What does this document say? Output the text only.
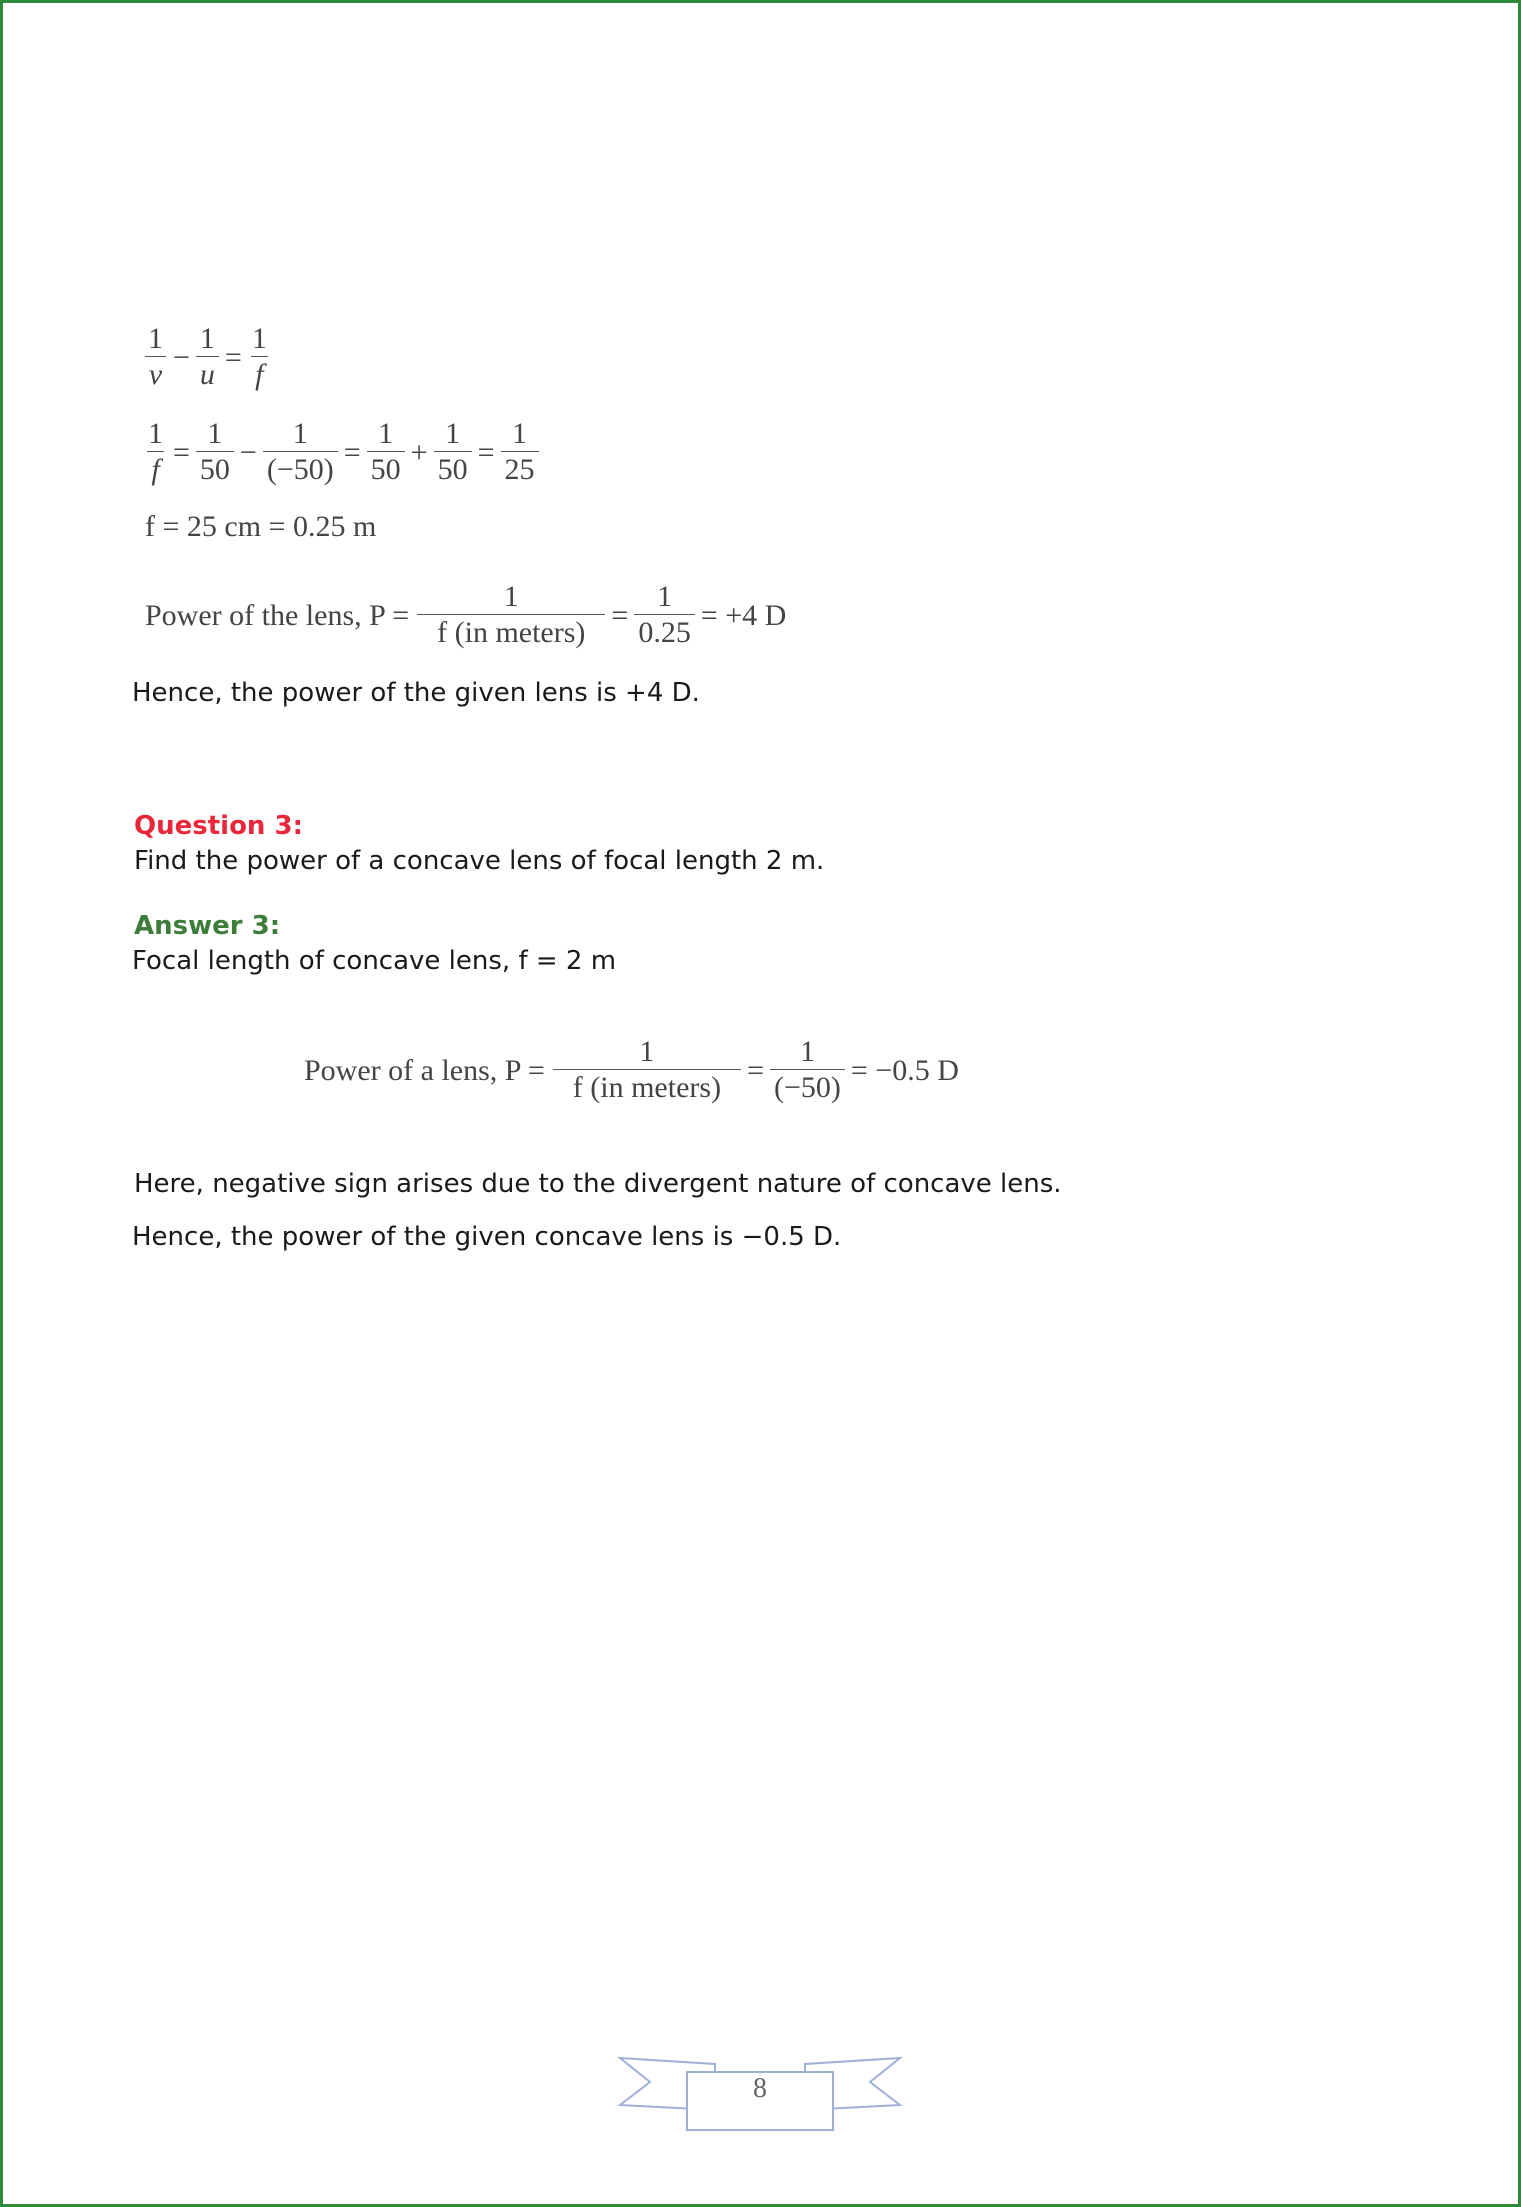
$\frac{1}{v} - \frac{1}{u} = \frac{1}{f}$
$\frac{1}{f} = \frac{1}{50} - \frac{1}{(-50)} = \frac{1}{50} + \frac{1}{50} = \frac{1}{25}$
f = 25 cm = 0.25 m
Power of the lens, P =
1
f (in meters)
= $\frac{1}{0.25} = +4$ D
Hence, the power of the given lens is +4 D.
Question 3:
Find the power of a concave lens of focal length 2 m.
Answer 3:
Focal length of concave lens, f = 2 m
Power of a lens, P =
1
f (in meters)
= $\frac{1}{(-50)} = -0.5$ D
Here, negative sign arises due to the divergent nature of concave lens.
Hence, the power of the given concave lens is −0.5 D.
8
